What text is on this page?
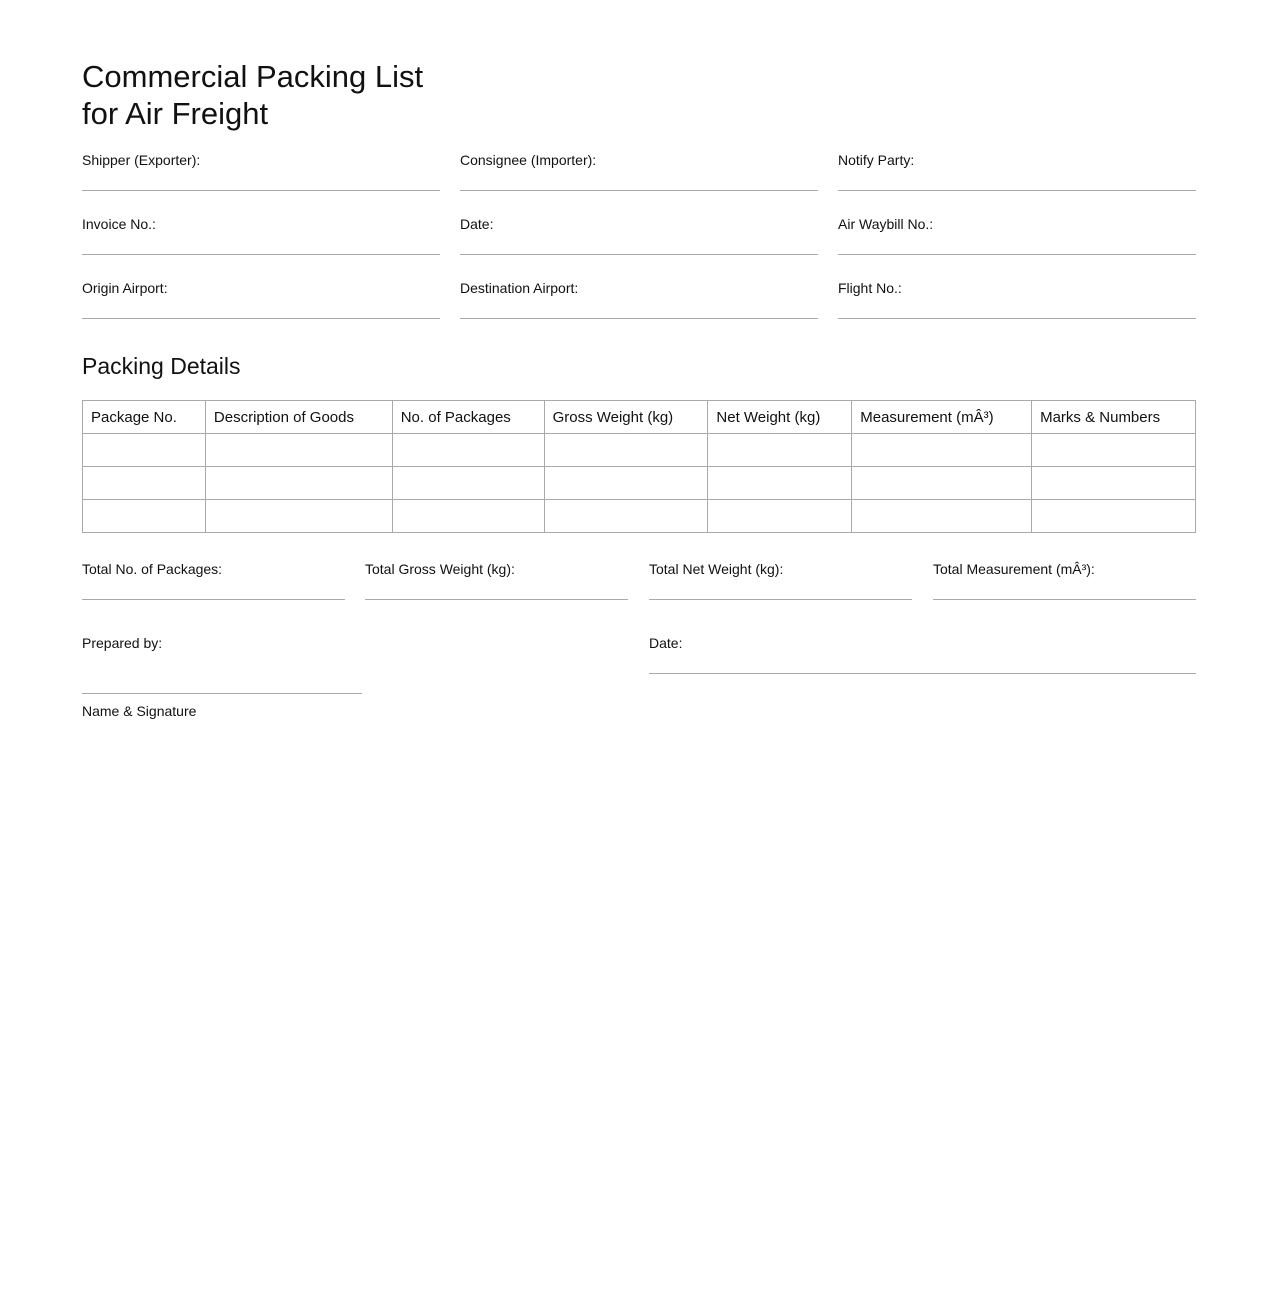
Commercial Packing List
for Air Freight
Shipper (Exporter):	Consignee (Importer):	Notify Party:
Invoice No.:	Date:	Air Waybill No.:
Origin Airport:	Destination Airport:	Flight No.:
Packing Details
Package No.	Description of Goods	No. of Packages	Gross Weight (kg)	Net Weight (kg)	Measurement (mÂ³)	Marks & Numbers

Total No. of Packages:	Total Gross Weight (kg):	Total Net Weight (kg):	Total Measurement (mÂ³):
Prepared by:
Name & Signature
Date:
